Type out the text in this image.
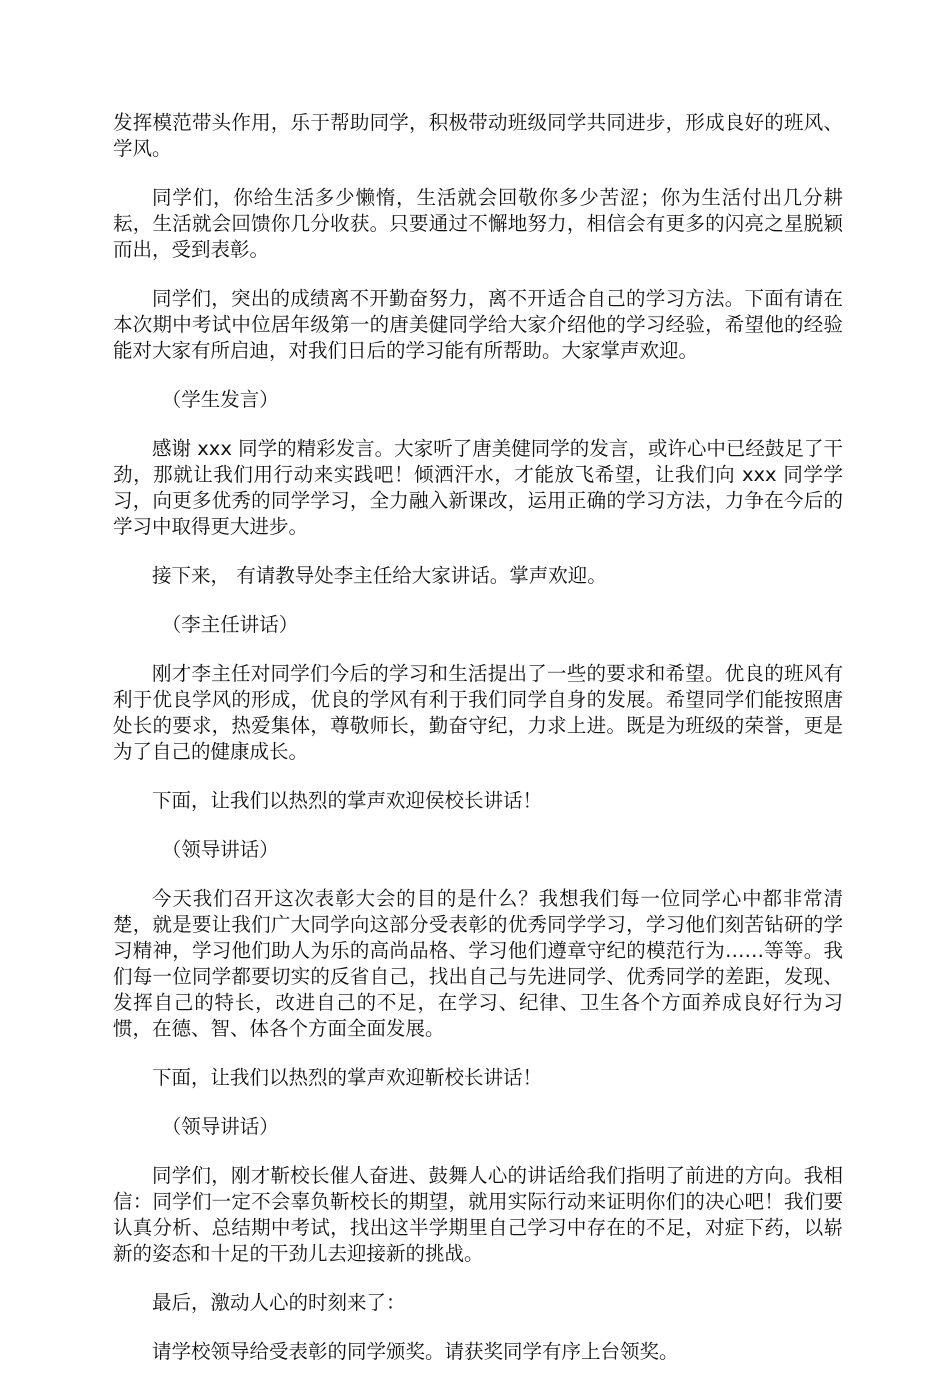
发挥模范带头作用，乐于帮助同学，积极带动班级同学共同进步，形成良好的班风、学风。

同学们，你给生活多少懒惰，生活就会回敬你多少苦涩；你为生活付出几分耕耘，生活就会回馈你几分收获。只要通过不懈地努力，相信会有更多的闪亮之星脱颖而出，受到表彰。

同学们，突出的成绩离不开勤奋努力，离不开适合自己的学习方法。下面有请在本次期中考试中位居年级第一的唐美健同学给大家介绍他的学习经验，希望他的经验能对大家有所启迪，对我们日后的学习能有所帮助。大家掌声欢迎。

（学生发言）

感谢 xxx 同学的精彩发言。大家听了唐美健同学的发言，或许心中已经鼓足了干劲，那就让我们用行动来实践吧！倾洒汗水，才能放飞希望，让我们向 xxx 同学学习，向更多优秀的同学学习，全力融入新课改，运用正确的学习方法，力争在今后的学习中取得更大进步。

接下来， 有请教导处李主任给大家讲话。掌声欢迎。

（李主任讲话）

刚才李主任对同学们今后的学习和生活提出了一些的要求和希望。优良的班风有利于优良学风的形成，优良的学风有利于我们同学自身的发展。希望同学们能按照唐处长的要求，热爱集体，尊敬师长，勤奋守纪，力求上进。既是为班级的荣誉，更是为了自己的健康成长。

下面，让我们以热烈的掌声欢迎侯校长讲话！

（领导讲话）

今天我们召开这次表彰大会的目的是什么？我想我们每一位同学心中都非常清楚，就是要让我们广大同学向这部分受表彰的优秀同学学习，学习他们刻苦钻研的学习精神，学习他们助人为乐的高尚品格、学习他们遵章守纪的模范行为……等等。我们每一位同学都要切实的反省自己，找出自己与先进同学、优秀同学的差距，发现、发挥自己的特长，改进自己的不足，在学习、纪律、卫生各个方面养成良好行为习惯，在德、智、体各个方面全面发展。

下面，让我们以热烈的掌声欢迎靳校长讲话！

（领导讲话）

同学们，刚才靳校长催人奋进、鼓舞人心的讲话给我们指明了前进的方向。我相信：同学们一定不会辜负靳校长的期望，就用实际行动来证明你们的决心吧！我们要认真分析、总结期中考试，找出这半学期里自己学习中存在的不足，对症下药，以崭新的姿态和十足的干劲儿去迎接新的挑战。

最后，激动人心的时刻来了：

请学校领导给受表彰的同学颁奖。请获奖同学有序上台领奖。
